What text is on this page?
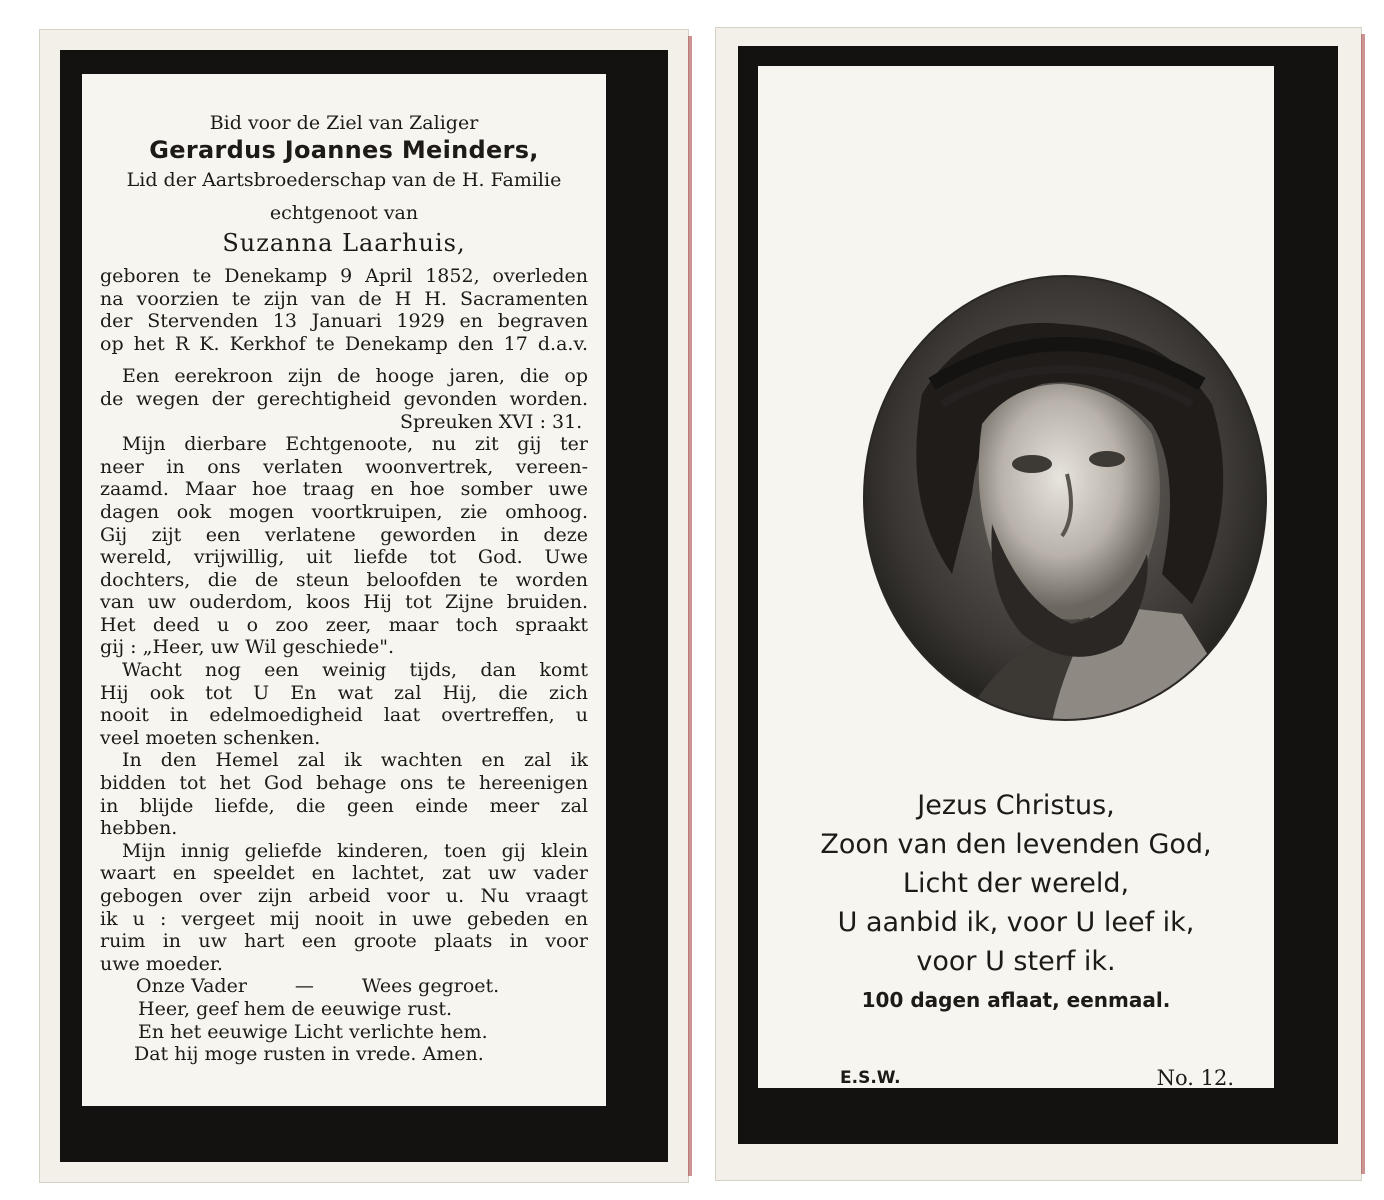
Bid voor de Ziel van Zaliger
Gerardus Joannes Meinders,
Lid der Aartsbroederschap van de H. Familie
echtgenoot van
Suzanna Laarhuis,
geboren te Denekamp 9 April 1852, overleden
na voorzien te zijn van de H H. Sacramenten
der Stervenden 13 Januari 1929 en begraven
op het R K. Kerkhof te Denekamp den 17 d.a.v.
Een eerekroon zijn de hooge jaren, die op
de wegen der gerechtigheid gevonden worden.
Spreuken XVI : 31.
Mijn dierbare Echtgenoote, nu zit gij ter
neer in ons verlaten woonvertrek, vereen-
zaamd. Maar hoe traag en hoe somber uwe
dagen ook mogen voortkruipen, zie omhoog.
Gij zijt een verlatene geworden in deze
wereld, vrijwillig, uit liefde tot God. Uwe
dochters, die de steun beloofden te worden
van uw ouderdom, koos Hij tot Zijne bruiden.
Het deed u o zoo zeer, maar toch spraakt
gij : „Heer, uw Wil geschiede".
Wacht nog een weinig tijds, dan komt
Hij ook tot U En wat zal Hij, die zich
nooit in edelmoedigheid laat overtreffen, u
veel moeten schenken.
In den Hemel zal ik wachten en zal ik
bidden tot het God behage ons te hereenigen
in blijde liefde, die geen einde meer zal
hebben.
Mijn innig geliefde kinderen, toen gij klein
waart en speeldet en lachtet, zat uw vader
gebogen over zijn arbeid voor u. Nu vraagt
ik u : vergeet mij nooit in uwe gebeden en
ruim in uw hart een groote plaats in voor
uwe moeder.
Onze Vader	—	Wees gegroet.
Heer, geef hem de eeuwige rust.
En het eeuwige Licht verlichte hem.
Dat hij moge rusten in vrede. Amen.
Jezus Christus,
Zoon van den levenden God,
Licht der wereld,
U aanbid ik, voor U leef ik,
voor U sterf ik.
100 dagen aflaat, eenmaal.
E.S.W.	No. 12.
